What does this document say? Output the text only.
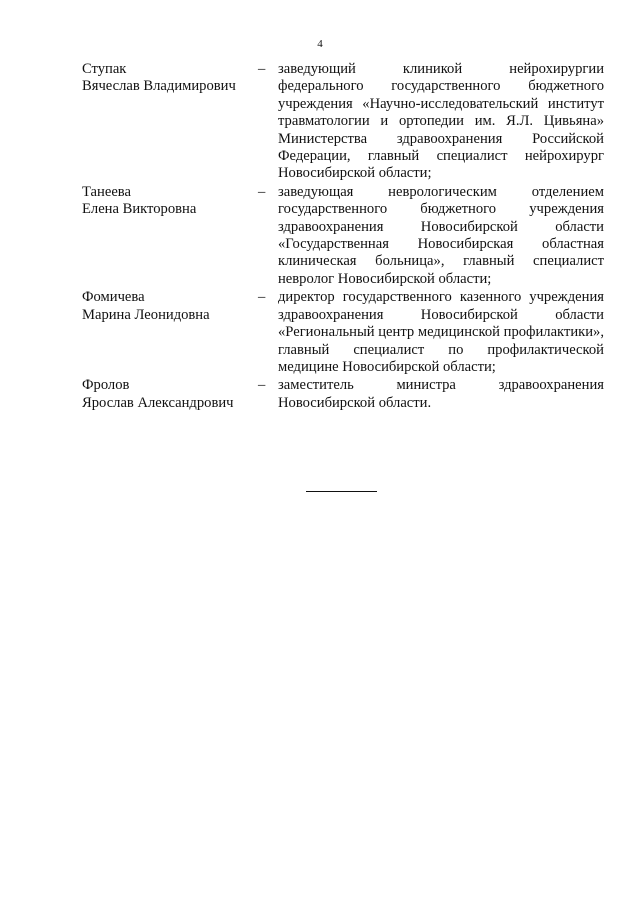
4
Ступак
Вячеслав Владимирович
– заведующий клиникой нейрохирургии федерального государственного бюджетного учреждения «Научно-исследовательский институт травматологии и ортопедии им. Я.Л. Цивьяна» Министерства здравоохранения Российской Федерации, главный специалист нейрохирург Новосибирской области;
Танеева
Елена Викторовна
– заведующая неврологическим отделением государственного бюджетного учреждения здравоохранения Новосибирской области «Государственная Новосибирская областная клиническая больница», главный специалист невролог Новосибирской области;
Фомичева
Марина Леонидовна
– директор государственного казенного учреждения здравоохранения Новосибирской области «Региональный центр медицинской профилактики», главный специалист по профилактической медицине Новосибирской области;
Фролов
Ярослав Александрович
– заместитель министра здравоохранения Новосибирской области.
